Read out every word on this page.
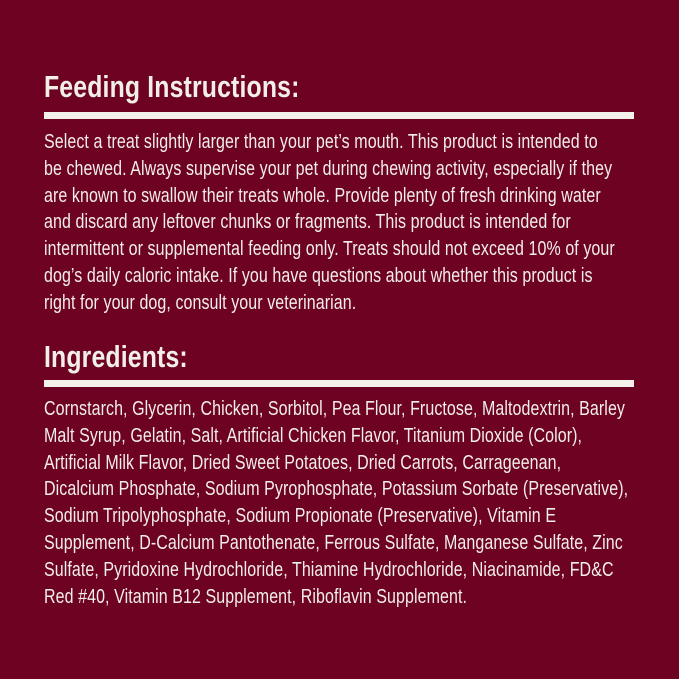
Feeding Instructions:
Select a treat slightly larger than your pet’s mouth. This product is intended to
be chewed. Always supervise your pet during chewing activity, especially if they
are known to swallow their treats whole. Provide plenty of fresh drinking water
and discard any leftover chunks or fragments. This product is intended for
intermittent or supplemental feeding only. Treats should not exceed 10% of your
dog’s daily caloric intake. If you have questions about whether this product is
right for your dog, consult your veterinarian.
Ingredients:
Cornstarch, Glycerin, Chicken, Sorbitol, Pea Flour, Fructose, Maltodextrin, Barley
Malt Syrup, Gelatin, Salt, Artificial Chicken Flavor, Titanium Dioxide (Color),
Artificial Milk Flavor, Dried Sweet Potatoes, Dried Carrots, Carrageenan,
Dicalcium Phosphate, Sodium Pyrophosphate, Potassium Sorbate (Preservative),
Sodium Tripolyphosphate, Sodium Propionate (Preservative), Vitamin E
Supplement, D-Calcium Pantothenate, Ferrous Sulfate, Manganese Sulfate, Zinc
Sulfate, Pyridoxine Hydrochloride, Thiamine Hydrochloride, Niacinamide, FD&C
Red #40, Vitamin B12 Supplement, Riboflavin Supplement.
